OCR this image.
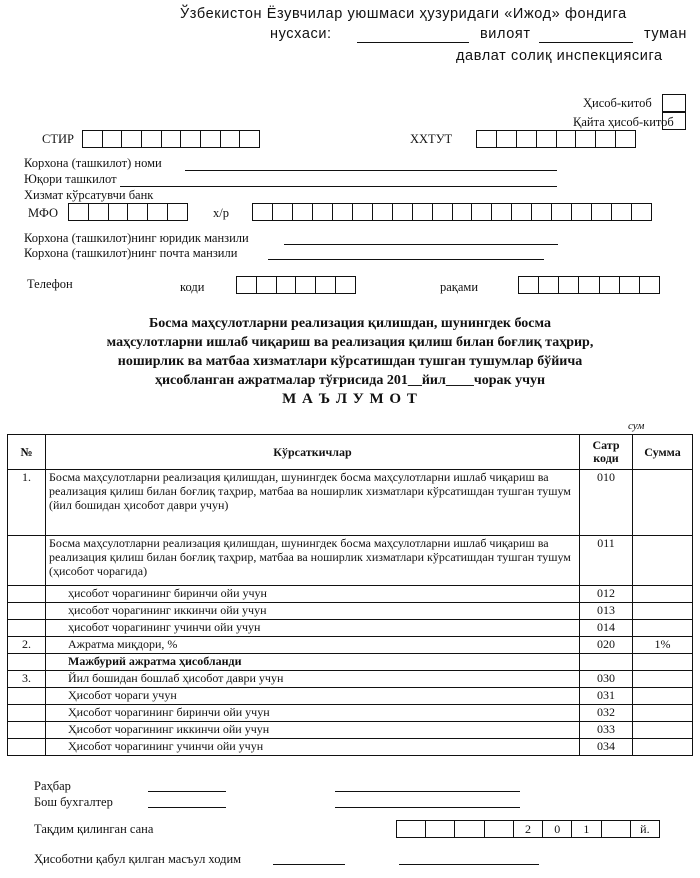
Ўзбекистон Ёзувчилар уюшмаси ҳузуридаги «Ижод» фондига
нусхаси:	вилоят	туман
давлат солиқ инспекциясига
Ҳисоб-китоб
Қайта ҳисоб-китоб
СТИР	ХХТУТ
Корхона (ташкилот) номи
Юқори ташкилот
Хизмат кўрсатувчи банк
МФО	х/р
Корхона (ташкилот)нинг юридик манзили
Корхона (ташкилот)нинг почта манзили
Телефон	коди	рақами
Босма маҳсулотларни реализация қилишдан, шунингдек босма
маҳсулотларни ишлаб чиқариш ва реализация қилиш билан боғлиқ таҳрир,
ноширлик ва матбаа хизматлари кўрсатишдан тушган тушумлар бўйича
ҳисобланган ажратмалар тўғрисида 201__йил____чорак учун
М А Ъ Л У М О Т
сум
№	Кўрсаткичлар	Сатр коди	Сумма
1.	Босма маҳсулотларни реализация қилишдан, шунингдек босма маҳсулотларни ишлаб чиқариш ва реализация қилиш билан боғлиқ таҳрир, матбаа ва ноширлик хизматлари кўрсатишдан тушган тушум
(йил бошидан ҳисобот даври учун)	010	
	Босма маҳсулотларни реализация қилишдан, шунингдек босма маҳсулотларни ишлаб чиқариш ва реализация қилиш билан боғлиқ таҳрир, матбаа ва ноширлик хизматлари кўрсатишдан тушган тушум (ҳисобот чорагида)	011	
	ҳисобот чорагининг биринчи ойи учун	012	
	ҳисобот чорагининг иккинчи ойи учун	013	
	ҳисобот чорагининг учинчи ойи учун	014	
2.	Ажратма миқдори, %	020	1%
	Мажбурий ажратма ҳисобланди		
3.	Йил бошидан бошлаб ҳисобот даври учун	030	
	Ҳисобот чораги учун	031	
	Ҳисобот чорагининг биринчи ойи учун	032	
	Ҳисобот чорагининг иккинчи ойи учун	033	
	Ҳисобот чорагининг учинчи ойи учун	034	
Раҳбар
Бош бухгалтер
Тақдим қилинган сана	2	0	1	й.
Ҳисоботни қабул қилган масъул ходим
